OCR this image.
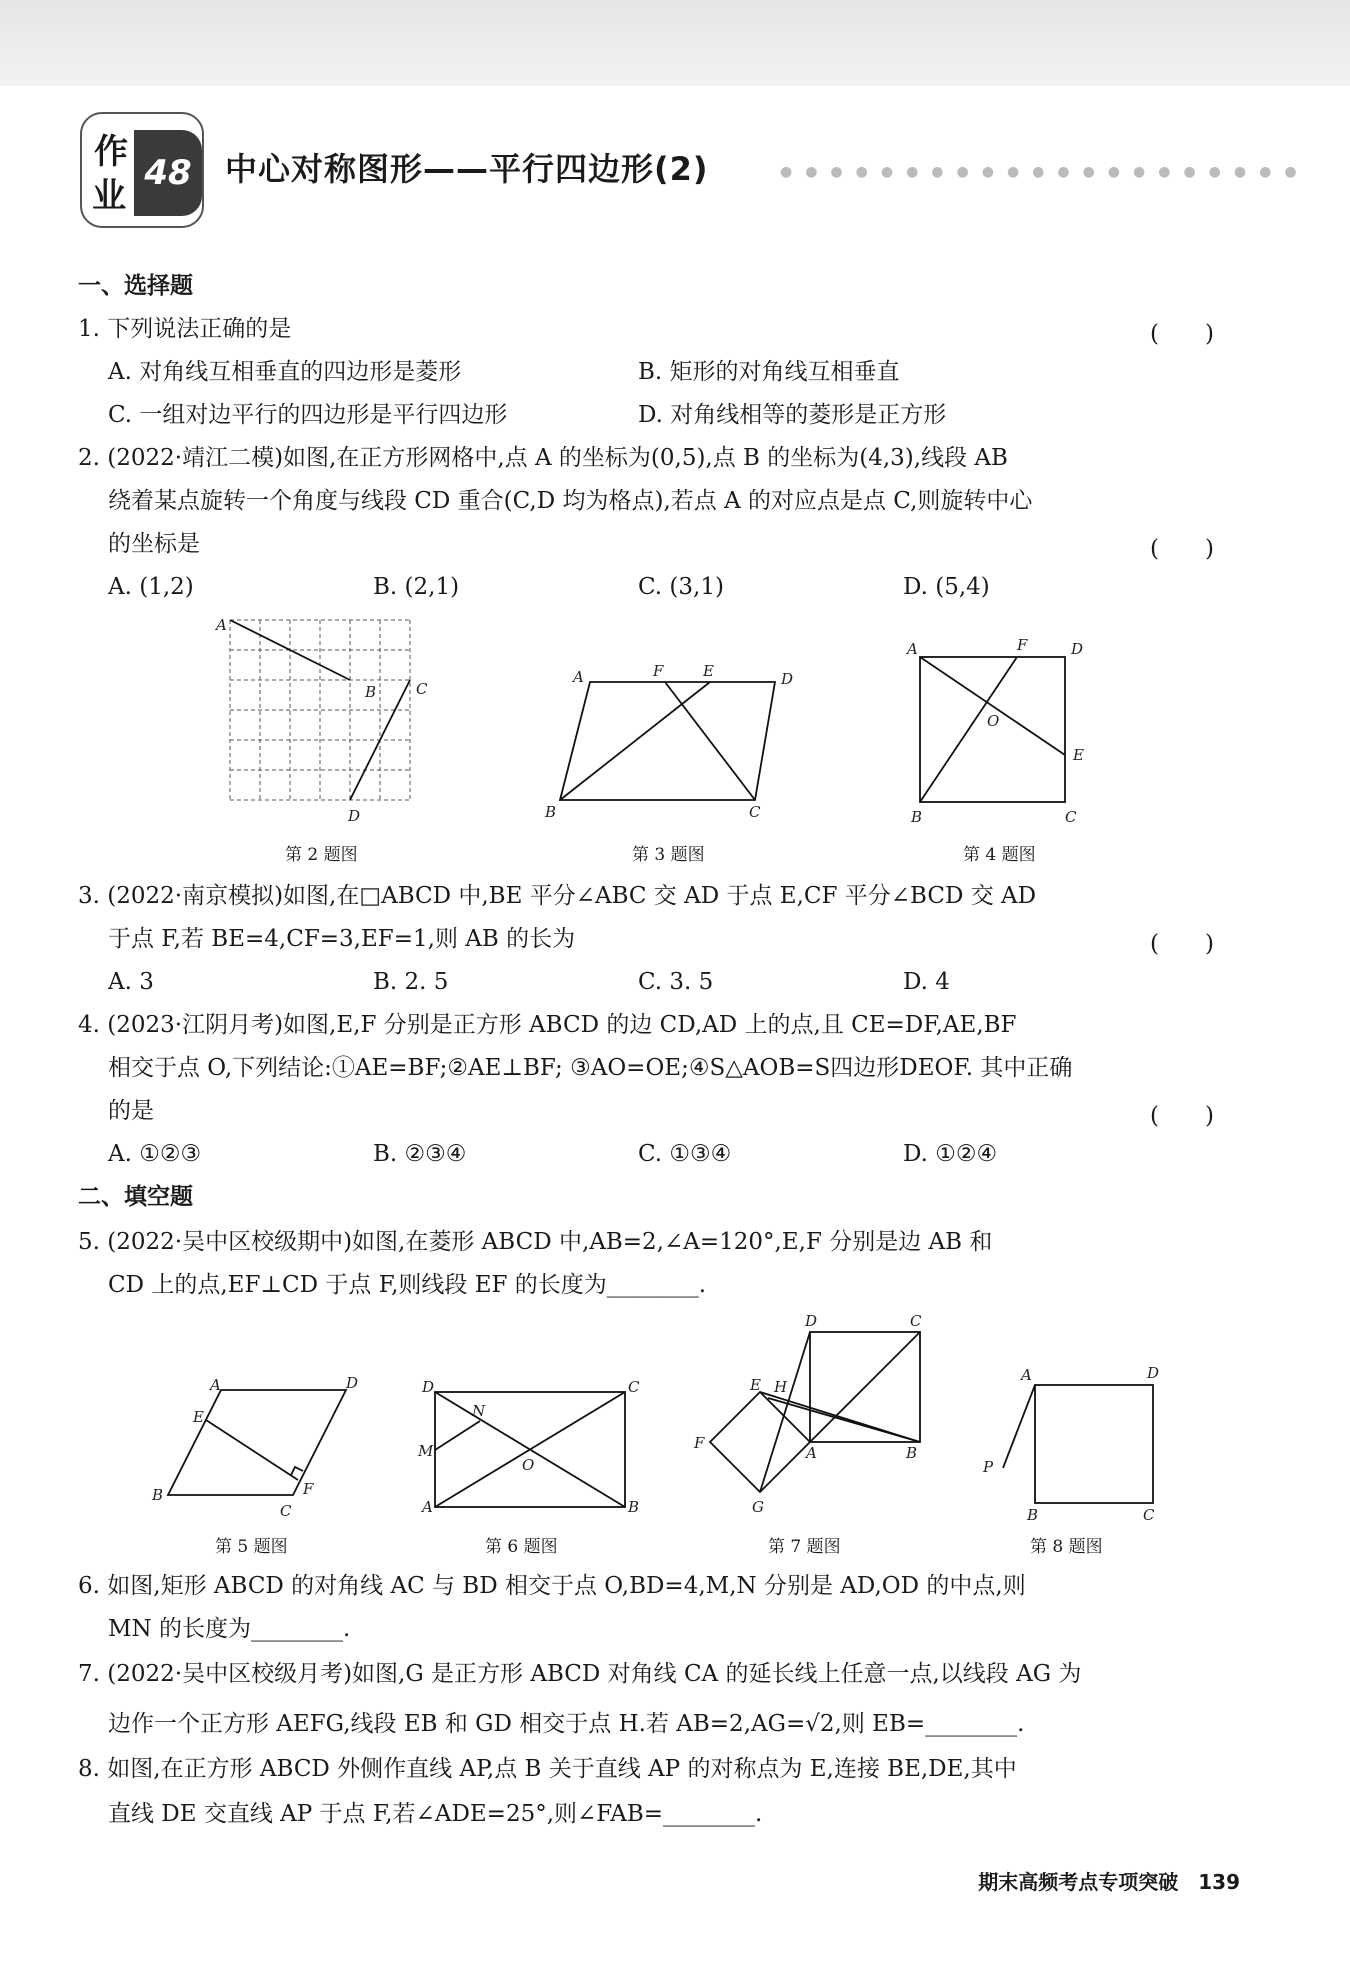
作
业
48	中心对称图形——平行四边形(2)	●●●●●●●●●●●●●●●●●●●●●
一、选择题
1. 下列说法正确的是	(　　)
A. 对角线互相垂直的四边形是菱形	B. 矩形的对角线互相垂直
C. 一组对边平行的四边形是平行四边形	D. 对角线相等的菱形是正方形
2. (2022·靖江二模)如图,在正方形网格中,点 A 的坐标为(0,5),点 B 的坐标为(4,3),线段 AB
绕着某点旋转一个角度与线段 CD 重合(C,D 均为格点),若点 A 的对应点是点 C,则旋转中心
的坐标是	(　　)
A. (1,2)	B. (2,1)	C. (3,1)	D. (5,4)
A
B	C
D
A	F	E	D
B	C
A	F	D
O
E
B	C
第 2 题图	第 3 题图	第 4 题图
3. (2022·南京模拟)如图,在□ABCD 中,BE 平分∠ABC 交 AD 于点 E,CF 平分∠BCD 交 AD
于点 F,若 BE=4,CF=3,EF=1,则 AB 的长为	(　　)
A. 3	B. 2. 5	C. 3. 5	D. 4
4. (2023·江阴月考)如图,E,F 分别是正方形 ABCD 的边 CD,AD 上的点,且 CE=DF,AE,BF
相交于点 O,下列结论:①AE=BF;②AE⊥BF; ③AO=OE;④S△AOB=S四边形DEOF. 其中正确
的是	(　　)
A. ①②③	B. ②③④	C. ①③④	D. ①②④
二、填空题
5. (2022·吴中区校级期中)如图,在菱形 ABCD 中,AB=2,∠A=120°,E,F 分别是边 AB 和
CD 上的点,EF⊥CD 于点 F,则线段 EF 的长度为________.
A	D
E
F
B
C
D	C
M
N
O
A	B
D	C
E H
F
A	B
G
A	D
P
B	C
第 5 题图	第 6 题图	第 7 题图	第 8 题图
6. 如图,矩形 ABCD 的对角线 AC 与 BD 相交于点 O,BD=4,M,N 分别是 AD,OD 的中点,则
MN 的长度为________.
7. (2022·吴中区校级月考)如图,G 是正方形 ABCD 对角线 CA 的延长线上任意一点,以线段 AG 为
边作一个正方形 AEFG,线段 EB 和 GD 相交于点 H.若 AB=2,AG=√2,则 EB=________.
8. 如图,在正方形 ABCD 外侧作直线 AP,点 B 关于直线 AP 的对称点为 E,连接 BE,DE,其中
直线 DE 交直线 AP 于点 F,若∠ADE=25°,则∠FAB=________.
期末高频考点专项突破　139
